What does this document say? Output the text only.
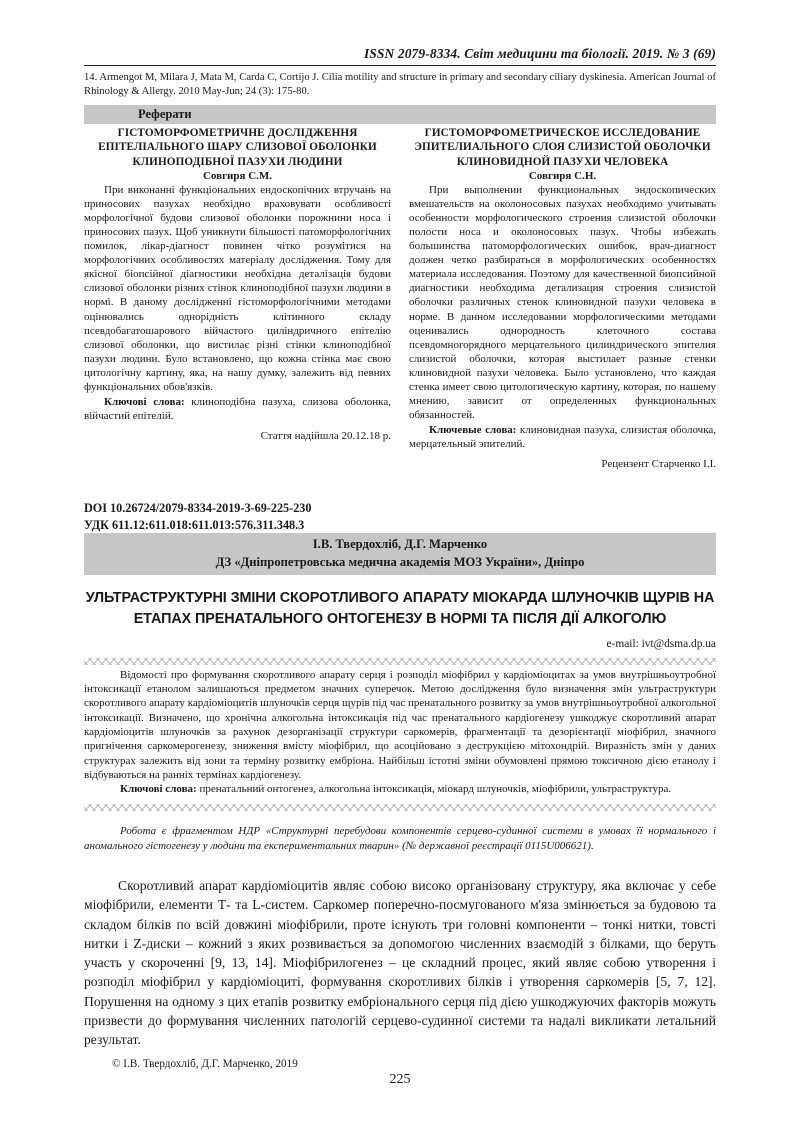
ISSN 2079-8334. Світ медицини та біології. 2019. № 3 (69)
14. Armengot M, Milara J, Mata M, Carda C, Cortijo J. Cilia motility and structure in primary and secondary ciliary dyskinesia. American Journal of Rhinology & Allergy. 2010 May-Jun; 24 (3): 175-80.
Реферати
ГІСТОМОРФОМЕТРИЧНЕ ДОСЛІДЖЕННЯ ЕПІТЕЛІАЛЬНОГО ШАРУ СЛИЗОВОЇ ОБОЛОНКИ КЛИНОПОДІБНОЇ ПАЗУХИ ЛЮДИНИ
Совгиря С.М.
При виконанні функціональних ендоскопічних втручань на приносових пазухах необхідно враховувати особливості морфологічної будови слизової оболонки порожнини носа і приносових пазух. Щоб уникнути більшості патоморфологічних помилок, лікар-діагност повинен чітко розумітися на морфологічних особливостях матеріалу дослідження. Тому для якісної біопсійної діагностики необхідна деталізація будови слизової оболонки різних стінок клиноподібної пазухи людини в нормі. В даному дослідженні гістоморфологічними методами оцінювались однорідність клітинного складу псевдобагатошарового війчастого циліндричного епітелію слизової оболонки, що вистилає різні стінки клиноподібної пазухи людини. Було встановлено, що кожна стінка має свою цитологічну картину, яка, на нашу думку, залежить від певних функціональних обов'язків.
Ключові слова: клиноподібна пазуха, слизова оболонка, війчастий епітелій.
Стаття надійшла 20.12.18 р.
ГИСТОМОРФОМЕТРИЧЕСКОЕ ИССЛЕДОВАНИЕ ЭПИТЕЛИАЛЬНОГО СЛОЯ СЛИЗИСТОЙ ОБОЛОЧКИ КЛИНОВИДНОЙ ПАЗУХИ ЧЕЛОВЕКА
Совгиря С.Н.
При выполнении функциональных эндоскопических вмешательств на околоносовых пазухах необходимо учитывать особенности морфологического строения слизистой оболочки полости носа и околоносовых пазух. Чтобы избежать большинства патоморфологических ошибок, врач-диагност должен четко разбираться в морфологических особенностях материала исследования. Поэтому для качественной биопсийной диагностики необходима детализация строения слизистой оболочки различных стенок клиновидной пазухи человека в норме. В данном исследовании морфологическими методами оценивались однородность клеточного состава псевдомногорядного мерцательного цилиндрического эпителия слизистой оболочки, которая выстилает разные стенки клиновидной пазухи человека. Было установлено, что каждая стенка имеет свою цитологическую картину, которая, по нашему мнению, зависит от определенных функциональных обязанностей.
Ключевые слова: клиновидная пазуха, слизистая оболочка, мерцательный эпителий.
Рецензент Старченко І.І.
DOI 10.26724/2079-8334-2019-3-69-225-230
УДК 611.12:611.018:611.013:576.311.348.3
І.В. Твердохліб, Д.Г. Марченко
ДЗ «Дніпропетровська медична академія МОЗ України», Дніпро
УЛЬТРАСТРУКТУРНІ ЗМІНИ СКОРОТЛИВОГО АПАРАТУ МІОКАРДА ШЛУНОЧКІВ ЩУРІВ НА ЕТАПАХ ПРЕНАТАЛЬНОГО ОНТОГЕНЕЗУ В НОРМІ ТА ПІСЛЯ ДІЇ АЛКОГОЛЮ
e-mail: ivt@dsma.dp.ua
Відомості про формування скоротливого апарату серця і розподіл міофібрил у кардіоміоцитах за умов внутрішньоутробної інтоксикації етанолом залишаються предметом значних суперечок. Метою дослідження було визначення змін ультраструктури скоротливого апарату кардіоміоцитів шлуночків серця щурів під час пренатального розвитку за умов внутрішньоутробної алкогольної інтоксикації. Визначено, що хронічна алкогольна інтоксикація під час пренатального кардіогенезу ушкоджує скоротливий апарат кардіоміоцитів шлуночків за рахунок дезорганізації структури саркомерів, фрагментації та дезорієнтації міофібрил, значного пригнічення саркомерогенезу, зниження вмісту міофібрил, що асоційовано з деструкцією мітохондрій. Виразність змін у даних структурах залежить від зони та терміну розвитку ембріона. Найбільш істотні зміни обумовлені прямою токсичною дією етанолу і відбуваються на ранніх термінах кардіогенезу.
Ключові слова: пренатальний онтогенез, алкогольна інтоксикація, міокард шлуночків, міофібрили, ультраструктура.
Робота є фрагментом НДР «Структурні перебудови компонентів серцево-судинної системи в умовах її нормального і аномального гістогенезу у людини та експериментальних тварин» (№ державної реєстрації 0115U006621).
Скоротливий апарат кардіоміоцитів являє собою високо організовану структуру, яка включає у себе міофібрили, елементи Т- та L-систем. Саркомер поперечно-посмугованого м'яза змінюється за будовою та складом білків по всій довжині міофібрили, проте існують три головні компоненти – тонкі нитки, товсті нитки і Z-диски – кожний з яких розвивається за допомогою численних взаємодій з білками, що беруть участь у скороченні [9, 13, 14]. Міофібрилогенез – це складний процес, який являє собою утворення і розподіл міофібрил у кардіоміоциті, формування скоротливих білків і утворення саркомерів [5, 7, 12]. Порушення на одному з цих етапів розвитку ембріонального серця під дією ушкоджуючих факторів можуть призвести до формування численних патологій серцево-судинної системи та надалі викликати летальний результат.
© І.В. Твердохліб, Д.Г. Марченко, 2019
225
